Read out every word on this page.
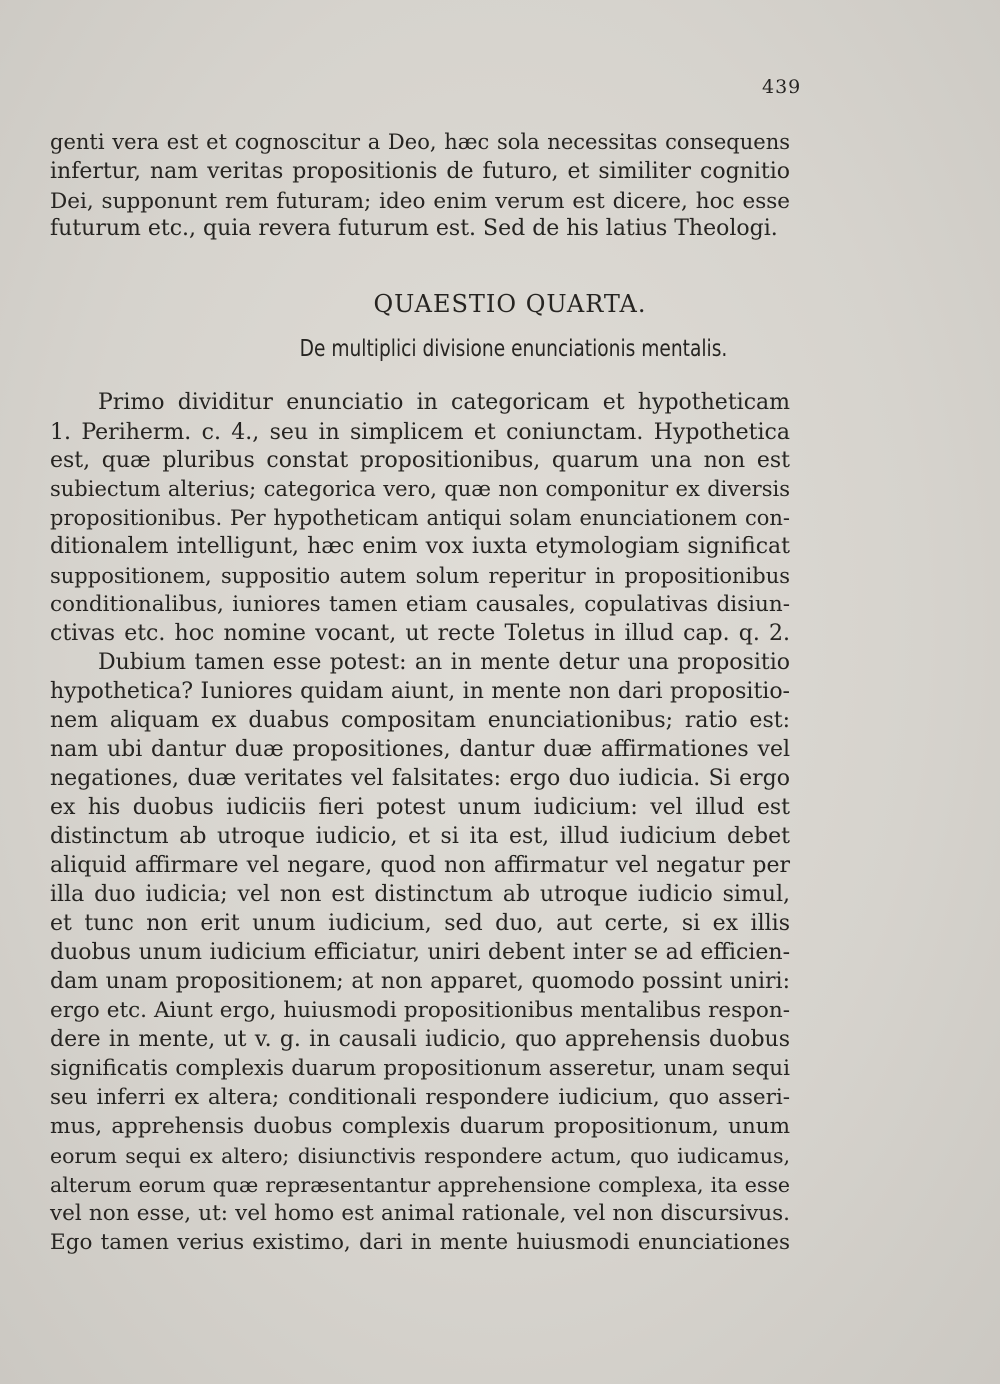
439
genti vera est et cognoscitur a Deo, hæc sola necessitas consequens
infertur, nam veritas propositionis de futuro, et similiter cognitio
Dei, supponunt rem futuram; ideo enim verum est dicere, hoc esse
futurum etc., quia revera futurum est. Sed de his latius Theologi.
QUAESTIO QUARTA.
De multiplici divisione enunciationis mentalis.
Primo dividitur enunciatio in categoricam et hypotheticam
1. Periherm. c. 4., seu in simplicem et coniunctam. Hypothetica
est, quæ pluribus constat propositionibus, quarum una non est
subiectum alterius; categorica vero, quæ non componitur ex diversis
propositionibus. Per hypotheticam antiqui solam enunciationem con-
ditionalem intelligunt, hæc enim vox iuxta etymologiam significat
suppositionem, suppositio autem solum reperitur in propositionibus
conditionalibus, iuniores tamen etiam causales, copulativas disiun-
ctivas etc. hoc nomine vocant, ut recte Toletus in illud cap. q. 2.
Dubium tamen esse potest: an in mente detur una propositio
hypothetica? Iuniores quidam aiunt, in mente non dari propositio-
nem aliquam ex duabus compositam enunciationibus; ratio est:
nam ubi dantur duæ propositiones, dantur duæ affirmationes vel
negationes, duæ veritates vel falsitates: ergo duo iudicia. Si ergo
ex his duobus iudiciis fieri potest unum iudicium: vel illud est
distinctum ab utroque iudicio, et si ita est, illud iudicium debet
aliquid affirmare vel negare, quod non affirmatur vel negatur per
illa duo iudicia; vel non est distinctum ab utroque iudicio simul,
et tunc non erit unum iudicium, sed duo, aut certe, si ex illis
duobus unum iudicium efficiatur, uniri debent inter se ad efficien-
dam unam propositionem; at non apparet, quomodo possint uniri:
ergo etc. Aiunt ergo, huiusmodi propositionibus mentalibus respon-
dere in mente, ut v. g. in causali iudicio, quo apprehensis duobus
significatis complexis duarum propositionum asseretur, unam sequi
seu inferri ex altera; conditionali respondere iudicium, quo asseri-
mus, apprehensis duobus complexis duarum propositionum, unum
eorum sequi ex altero; disiunctivis respondere actum, quo iudicamus,
alterum eorum quæ repræsentantur apprehensione complexa, ita esse
vel non esse, ut: vel homo est animal rationale, vel non discursivus.
Ego tamen verius existimo, dari in mente huiusmodi enunciationes
